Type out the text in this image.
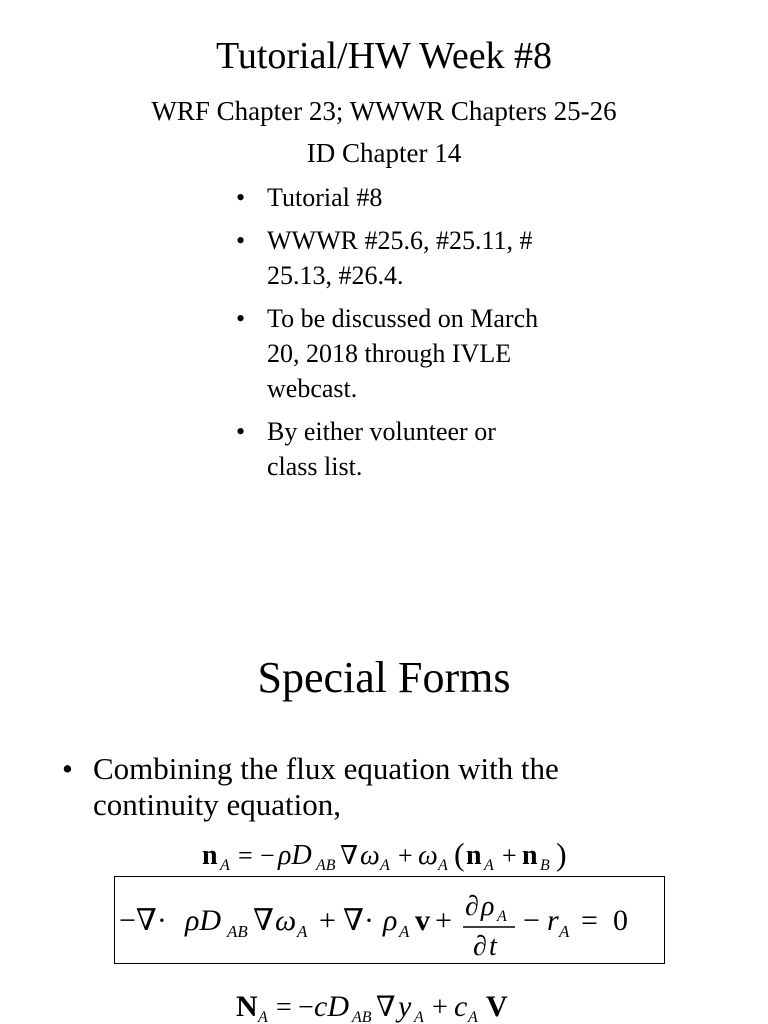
Tutorial/HW Week #8
WRF Chapter 23; WWWR Chapters 25-26
ID Chapter 14
• Tutorial #8
• WWWR #25.6, #25.11, #
25.13, #26.4.
• To be discussed on March
20, 2018 through IVLE
webcast.
• By either volunteer or
class list.
Special Forms
• Combining the flux equation with the
continuity equation,
n A = − ρD AB ∇ ω A + ω A ( n A + n B )
−∇· ρD AB ∇ ω A + ∇· ρ A v + ∂ ρ A
∂ t
− r A = 0
N A = − cD AB ∇ y A + c A V
